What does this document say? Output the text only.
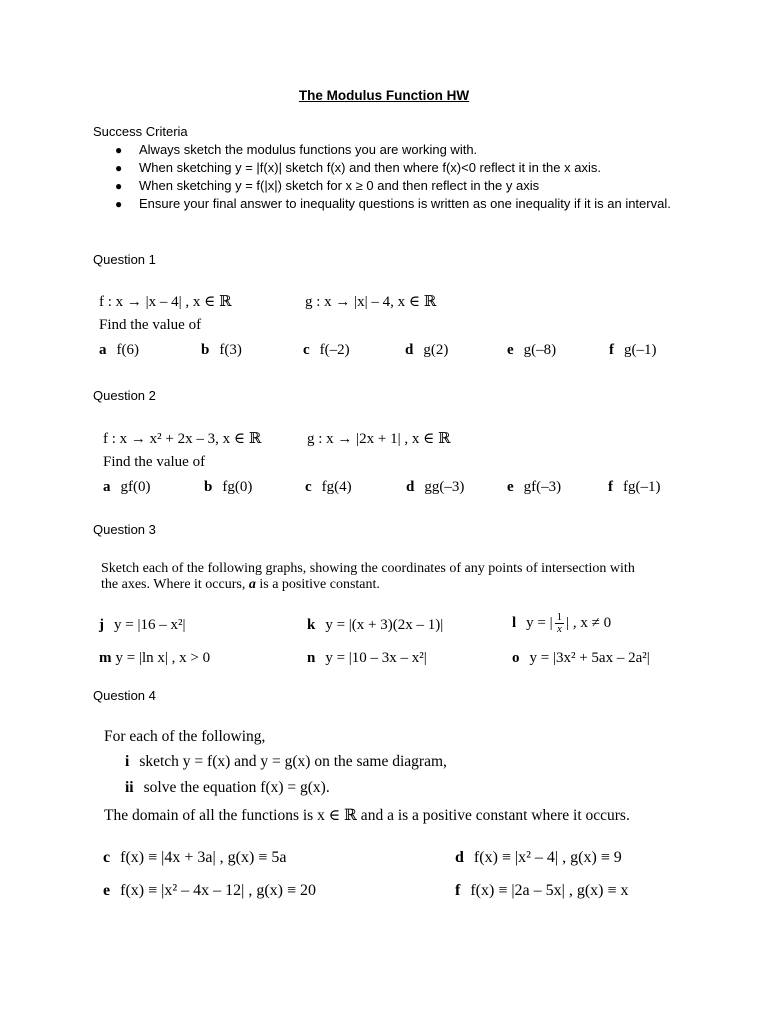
The Modulus Function HW
Success Criteria
● Always sketch the modulus functions you are working with.
● When sketching y = |f(x)| sketch f(x) and then where f(x)<0 reflect it in the x axis.
● When sketching y = f(|x|) sketch for x ≥ 0 and then reflect in the y axis
● Ensure your final answer to inequality questions is written as one inequality if it is an interval.
Question 1
f : x → |x – 4| , x ∈ ℝ	g : x → |x| – 4, x ∈ ℝ
Find the value of
a f(6)	b f(3)	c f(–2)	d g(2)	e g(–8)	f g(–1)
Question 2
f : x → x² + 2x – 3, x ∈ ℝ	g : x → |2x + 1| , x ∈ ℝ
Find the value of
a gf(0)	b fg(0)	c fg(4)	d gg(–3)	e gf(–3)	f fg(–1)
Question 3
Sketch each of the following graphs, showing the coordinates of any points of intersection with
the axes. Where it occurs, a is a positive constant.
j y = |16 – x²|	k y = |(x + 3)(2x – 1)|	l y = | $\frac{1}{x}$ | , x ≠ 0
m y = |ln x| , x > 0	n y = |10 – 3x – x²|	o y = |3x² + 5ax – 2a²|
Question 4
For each of the following,
i sketch y = f(x) and y = g(x) on the same diagram,
ii solve the equation f(x) = g(x).
The domain of all the functions is x ∈ ℝ and a is a positive constant where it occurs.
c f(x) ≡ |4x + 3a| , g(x) ≡ 5a	d f(x) ≡ |x² – 4| , g(x) ≡ 9
e f(x) ≡ |x² – 4x – 12| , g(x) ≡ 20	f f(x) ≡ |2a – 5x| , g(x) ≡ x
